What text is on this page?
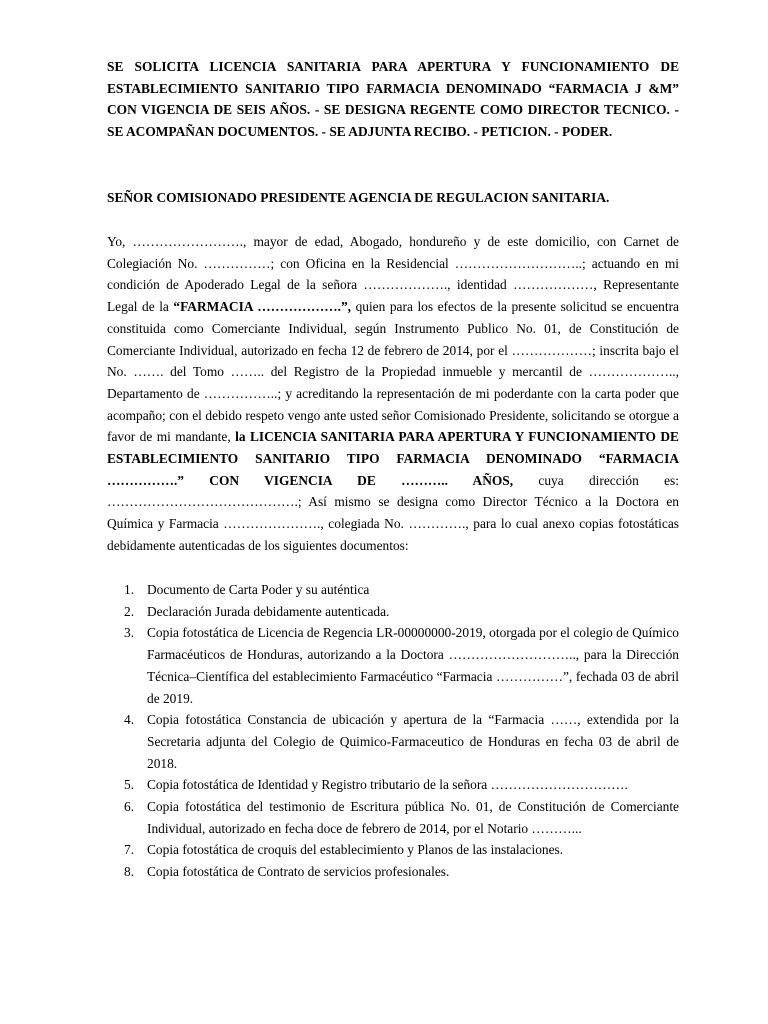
SE SOLICITA LICENCIA SANITARIA PARA APERTURA Y FUNCIONAMIENTO DE ESTABLECIMIENTO SANITARIO TIPO FARMACIA DENOMINADO “FARMACIA J &M” CON VIGENCIA DE SEIS AÑOS. - SE DESIGNA REGENTE COMO DIRECTOR TECNICO. - SE ACOMPAÑAN DOCUMENTOS. - SE ADJUNTA RECIBO. - PETICION. - PODER.
SEÑOR COMISIONADO PRESIDENTE AGENCIA DE REGULACION SANITARIA.
Yo, ……………………., mayor de edad, Abogado, hondureño y de este domicilio, con Carnet de Colegiación No. ……………; con Oficina en la Residencial ………………………..; actuando en mi condición de Apoderado Legal de la señora ………………., identidad ………………, Representante Legal de la “FARMACIA ……………….”, quien para los efectos de la presente solicitud se encuentra constituida como Comerciante Individual, según Instrumento Publico No. 01, de Constitución de Comerciante Individual, autorizado en fecha 12 de febrero de 2014, por el ………………; inscrita bajo el No. ……. del Tomo …….. del Registro de la Propiedad inmueble y mercantil de ……………….., Departamento de ……………..; y acreditando la representación de mi poderdante con la carta poder que acompaño; con el debido respeto vengo ante usted señor Comisionado Presidente, solicitando se otorgue a favor de mi mandante, la LICENCIA SANITARIA PARA APERTURA Y FUNCIONAMIENTO DE ESTABLECIMIENTO SANITARIO TIPO FARMACIA DENOMINADO “FARMACIA …………….” CON VIGENCIA DE ……….. AÑOS, cuya dirección es: …………………………………….; Así mismo se designa como Director Técnico a la Doctora en Química y Farmacia …………………., colegiada No. …………., para lo cual anexo copias fotostáticas debidamente autenticadas de los siguientes documentos:
1. Documento de Carta Poder y su auténtica
2. Declaración Jurada debidamente autenticada.
3. Copia fotostática de Licencia de Regencia LR-00000000-2019, otorgada por el colegio de Químico Farmacéuticos de Honduras, autorizando a la Doctora ……………………….., para la Dirección Técnica–Científica del establecimiento Farmacéutico “Farmacia ……………”, fechada 03 de abril de 2019.
4. Copia fotostática Constancia de ubicación y apertura de la “Farmacia ……, extendida por la Secretaria adjunta del Colegio de Quimico-Farmaceutico de Honduras en fecha 03 de abril de 2018.
5. Copia fotostática de Identidad y Registro tributario de la señora ………………………….
6. Copia fotostática del testimonio de Escritura pública No. 01, de Constitución de Comerciante Individual, autorizado en fecha doce de febrero de 2014, por el Notario ………...
7. Copia fotostática de croquis del establecimiento y Planos de las instalaciones.
8. Copia fotostática de Contrato de servicios profesionales.
